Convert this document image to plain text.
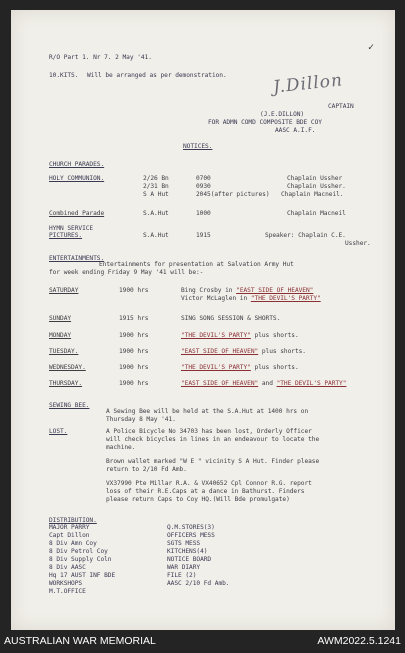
✓
R/O Part 1. Nr 7. 2 May '41.
10.KITS. Will be arranged as per demonstration.	J.Dillon
CAPTAIN
(J.E.DILLON)
FOR ADMN COMD COMPOSITE BDE COY
AASC A.I.F.
NOTICES.
CHURCH PARADES.
HOLY COMMUNION.	2/26 Bn	0700	Chaplain Ussher
2/31 Bn	0930	Chaplain Ussher.
S A Hut	2045(after pictures) Chaplain Macneil.
Combined Parade	S.A.Hut	1000	Chaplain Macneil
HYMN SERVICE
PICTURES.	S.A.Hut	1915	Speaker: Chaplain C.E.
Ussher.
ENTERTAINMENTS.
Entertainments for presentation at Salvation Army Hut
for week ending Friday 9 May '41 will be:-
SATURDAY	1900 hrs	Bing Crosby in "EAST SIDE OF HEAVEN"
Victor McLaglen in "THE DEVIL'S PARTY"
SUNDAY	1915 hrs	SING SONG SESSION & SHORTS.
MONDAY	1900 hrs	"THE DEVIL'S PARTY" plus shorts.
TUESDAY.	1900 hrs	"EAST SIDE OF HEAVEN" plus shorts.
WEDNESDAY.	1900 hrs	"THE DEVIL'S PARTY" plus shorts.
THURSDAY.	1900 hrs	"EAST SIDE OF HEAVEN" and "THE DEVIL'S PARTY"
SEWING BEE.
A Sewing Bee will be held at the S.A.Hut at 1400 hrs on
Thursday 8 May '41.
LOST.	A Police Bicycle No 34703 has been lost, Orderly Officer
will check bicycles in lines in an endeavour to locate the
machine.
Brown wallet marked "W E " vicinity S A Hut. Finder please
return to 2/10 Fd Amb.
VX37990 Pte Millar R.A. & VX40652 Cpl Connor R.G. report
loss of their R.E.Caps at a dance in Bathurst. Finders
please return Caps to Coy HQ.(Will Bde promulgate)
DISTRIBUTION.
MAJOR PARRY
Capt Dillon
8 Div Amn Coy
8 Div Petrol Coy
8 Div Supply Coln
8 Div AASC
Hq 17 AUST INF BDE
WORKSHOPS
M.T.OFFICE
Q.M.STORES(3)
OFFICERS MESS
SGTS MESS
KITCHENS(4)
NOTICE BOARD
WAR DIARY
FILE (2)
AASC 2/10 Fd Amb.
AUSTRALIAN WAR MEMORIAL	AWM2022.5.1241
